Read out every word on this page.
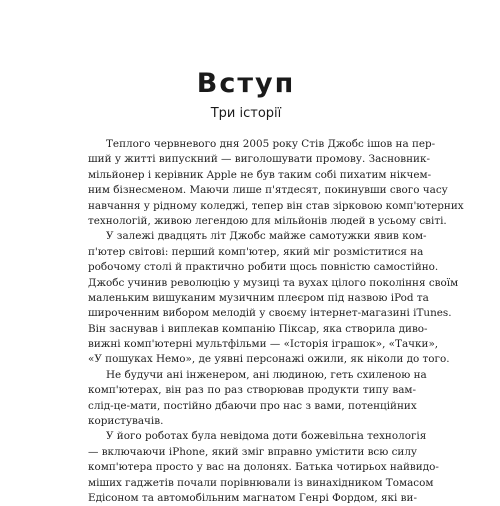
Вступ
Три історії
Теплого червневого дня 2005 року Стів Джобс ішов на пер-
ший у житті випускний — виголошувати промову. Засновник-
мільйонер і керівник Apple не був таким собі пихатим нікчем-
ним бізнесменом. Маючи лише п'ятдесят, покинувши свого часу
навчання у рідному коледжі, тепер він став зірковою комп'ютерних
технологій, живою легендою для мільйонів людей в усьому світі.
У залежі двадцять літ Джобс майже самотужки явив ком-
п'ютер світові: перший комп'ютер, який міг розміститися на
робочому столі й практично робити щось повністю самостійно.
Джобс учинив революцію у музиці та вухах цілого покоління своїм
маленьким вишуканим музичним плеєром під назвою iPod та
широченним вибором мелодій у своєму інтернет-магазині iTunes.
Він заснував і виплекав компанію Піксар, яка створила диво-
вижні комп'ютерні мультфільми — «Історія іграшок», «Тачки»,
«У пошуках Немо», де уявні персонажі ожили, як ніколи до того.
Не будучи ані інженером, ані людиною, геть схиленою на
комп'ютерах, він раз по раз створював продукти типу вам-
слід-це-мати, постійно дбаючи про нас з вами, потенційних
користувачів.
У його роботах була невідома доти божевільна технологія
— включаючи iPhone, який зміг вправно умістити всю силу
комп'ютера просто у вас на долонях. Батька чотирьох найвидо-
міших гаджетів почали порівнювали із винахідником Томасом
Едісоном та автомобільним магнатом Генрі Фордом, які ви-
